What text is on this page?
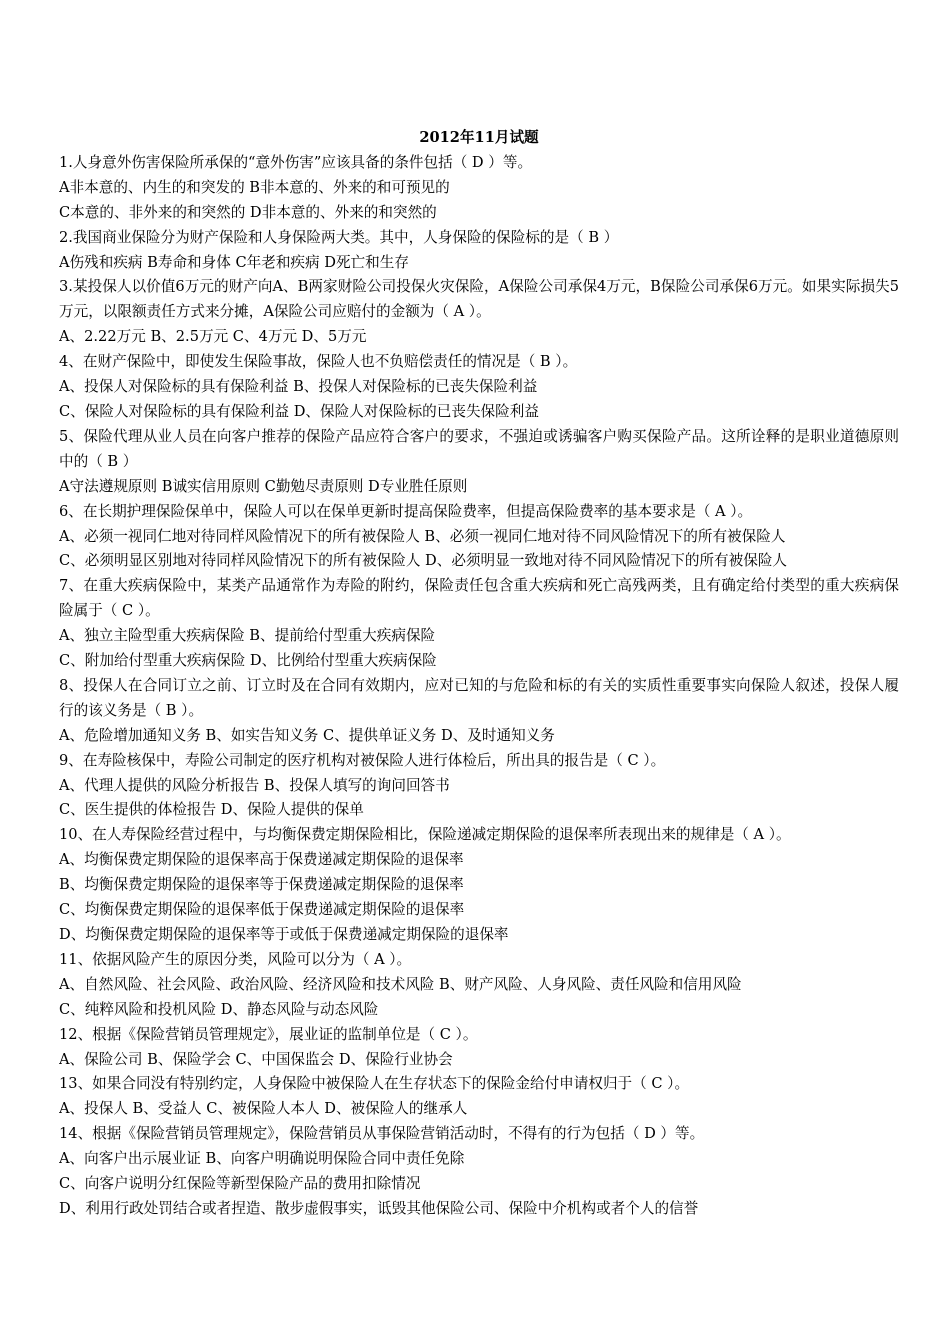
2012年11月试题

1.人身意外伤害保险所承保的“意外伤害”应该具备的条件包括（ D ）等。

A非本意的、内生的和突发的 B非本意的、外来的和可预见的

C本意的、非外来的和突然的 D非本意的、外来的和突然的

2.我国商业保险分为财产保险和人身保险两大类。其中，人身保险的保险标的是（ B ）

A伤残和疾病 B寿命和身体 C年老和疾病 D死亡和生存

3.某投保人以价值6万元的财产向A、B两家财险公司投保火灾保险，A保险公司承保4万元，B保险公司承保6万元。如果实际损失5万元，以限额责任方式来分摊，A保险公司应赔付的金额为（ A ）。

A、2.22万元 B、2.5万元 C、4万元 D、5万元

4、在财产保险中，即使发生保险事故，保险人也不负赔偿责任的情况是（ B ）。

A、投保人对保险标的具有保险利益 B、投保人对保险标的已丧失保险利益

C、保险人对保险标的具有保险利益 D、保险人对保险标的已丧失保险利益

5、保险代理从业人员在向客户推荐的保险产品应符合客户的要求，不强迫或诱骗客户购买保险产品。这所诠释的是职业道德原则中的（ B ）

A守法遵规原则 B诚实信用原则 C勤勉尽责原则 D专业胜任原则

6、在长期护理保险保单中，保险人可以在保单更新时提高保险费率，但提高保险费率的基本要求是（ A ）。

A、必须一视同仁地对待同样风险情况下的所有被保险人 B、必须一视同仁地对待不同风险情况下的所有被保险人

C、必须明显区别地对待同样风险情况下的所有被保险人 D、必须明显一致地对待不同风险情况下的所有被保险人

7、在重大疾病保险中，某类产品通常作为寿险的附约，保险责任包含重大疾病和死亡高残两类，且有确定给付类型的重大疾病保险属于（ C ）。

A、独立主险型重大疾病保险 B、提前给付型重大疾病保险

C、附加给付型重大疾病保险 D、比例给付型重大疾病保险

8、投保人在合同订立之前、订立时及在合同有效期内，应对已知的与危险和标的有关的实质性重要事实向保险人叙述，投保人履行的该义务是（ B ）。

A、危险增加通知义务 B、如实告知义务 C、提供单证义务 D、及时通知义务

9、在寿险核保中，寿险公司制定的医疗机构对被保险人进行体检后，所出具的报告是（ C ）。

A、代理人提供的风险分析报告 B、投保人填写的询问回答书

C、医生提供的体检报告 D、保险人提供的保单

10、在人寿保险经营过程中，与均衡保费定期保险相比，保险递减定期保险的退保率所表现出来的规律是（ A ）。

A、均衡保费定期保险的退保率高于保费递减定期保险的退保率

B、均衡保费定期保险的退保率等于保费递减定期保险的退保率

C、均衡保费定期保险的退保率低于保费递减定期保险的退保率

D、均衡保费定期保险的退保率等于或低于保费递减定期保险的退保率

11、依据风险产生的原因分类，风险可以分为（ A ）。

A、自然风险、社会风险、政治风险、经济风险和技术风险 B、财产风险、人身风险、责任风险和信用风险

C、纯粹风险和投机风险 D、静态风险与动态风险

12、根据《保险营销员管理规定》，展业证的监制单位是（ C ）。

A、保险公司 B、保险学会 C、中国保监会 D、保险行业协会

13、如果合同没有特别约定，人身保险中被保险人在生存状态下的保险金给付申请权归于（ C ）。

A、投保人 B、受益人 C、被保险人本人 D、被保险人的继承人

14、根据《保险营销员管理规定》，保险营销员从事保险营销活动时，不得有的行为包括（ D ）等。

A、向客户出示展业证 B、向客户明确说明保险合同中责任免除

C、向客户说明分红保险等新型保险产品的费用扣除情况

D、利用行政处罚结合或者捏造、散步虚假事实，诋毁其他保险公司、保险中介机构或者个人的信誉
